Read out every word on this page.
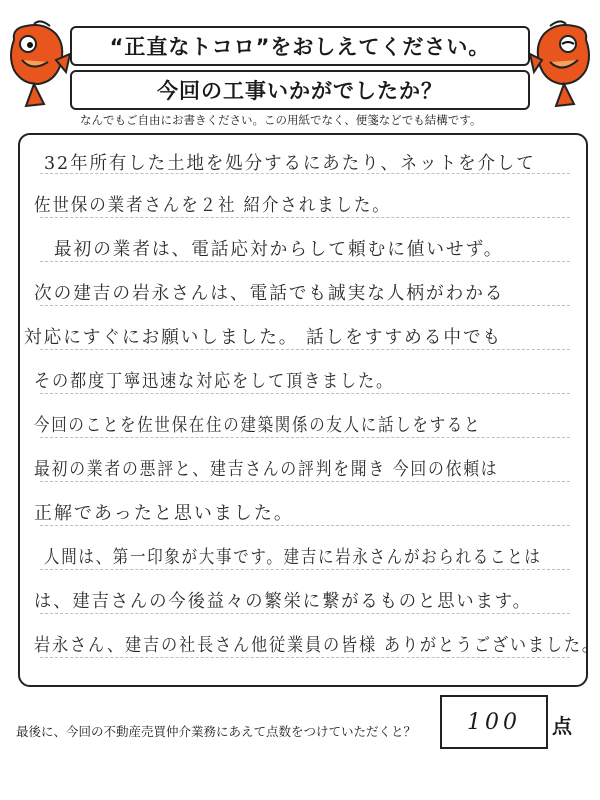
“正直なトコロ”をおしえてください。
今回の工事いかがでしたか？
なんでもご自由にお書きください。この用紙でなく、便箋などでも結構です。
32年所有した土地を処分するにあたり、ネットを介して
佐世保の業者さんを２社 紹介されました。
最初の業者は、電話応対からして頼むに値いせず。
次の建吉の岩永さんは、電話でも誠実な人柄がわかる
対応にすぐにお願いしました。 話しをすすめる中でも
その都度丁寧迅速な対応をして頂きました。
今回のことを佐世保在住の建築関係の友人に話しをすると
最初の業者の悪評と、建吉さんの評判を聞き 今回の依頼は
正解であったと思いました。
人間は、第一印象が大事です。建吉に岩永さんがおられることは
は、建吉さんの今後益々の繁栄に繋がるものと思います。
岩永さん、建吉の社長さん他従業員の皆様 ありがとうございました。
最後に、今回の不動産売買仲介業務にあえて点数をつけていただくと？ 100 点
